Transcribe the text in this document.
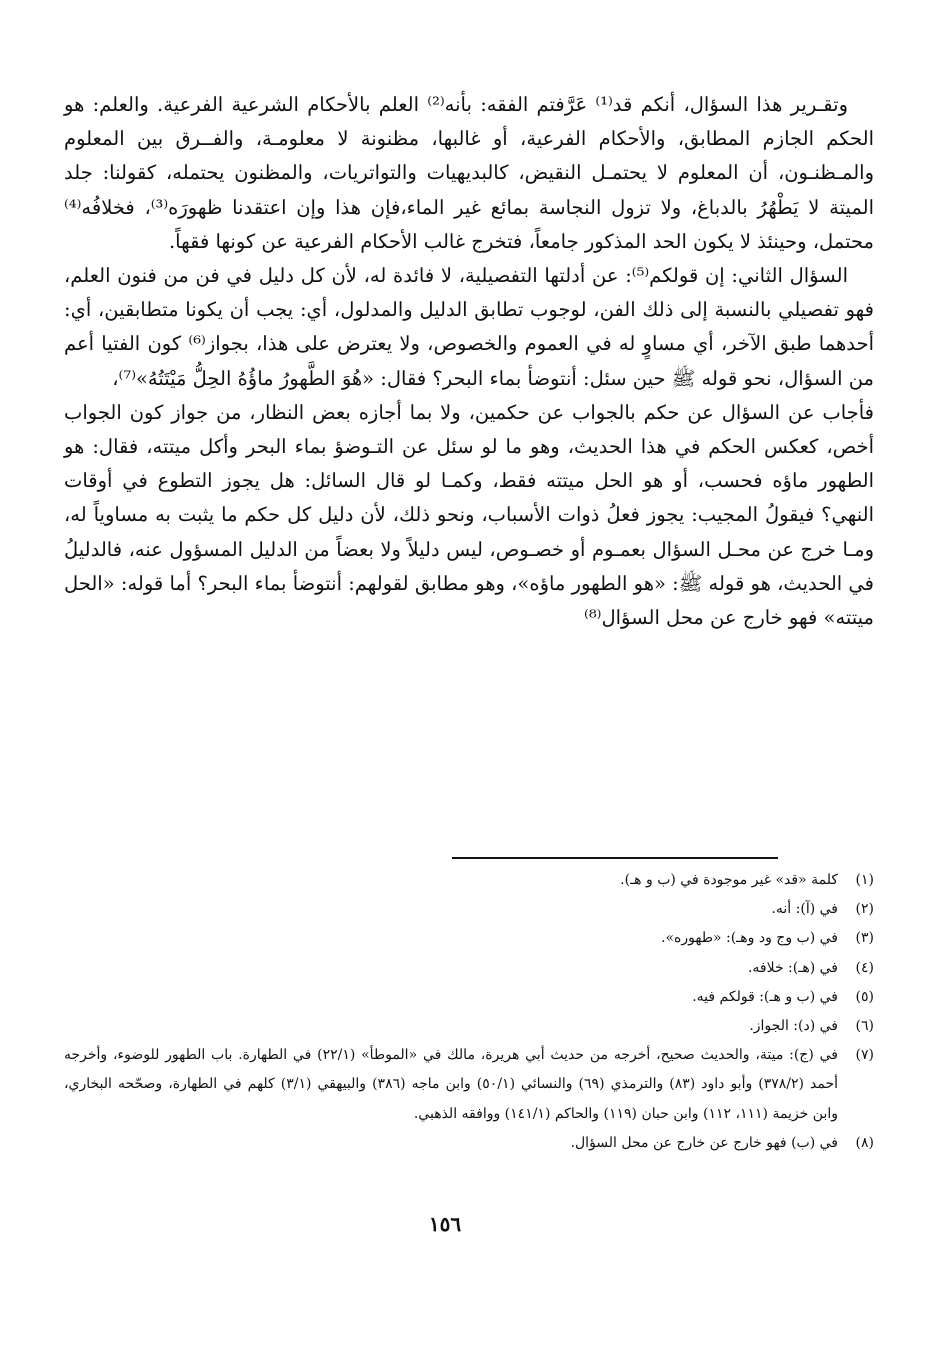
وتقـرير هذا السؤال، أنكم قد⁽¹⁾ عَرَّفتم الفقه: بأنه⁽²⁾ العلم بالأحكام الشرعية الفرعية. والعلم: هو الحكم الجازم المطابق، والأحكام الفرعية، أو غالبها، مظنونة لا معلومـة، والفــرق بين المعلوم والمـظنـون، أن المعلوم لا يحتمـل النقيض، كالبديهيات والتواتريات، والمظنون يحتمله، كقولنا: جلد الميتة لا يَطْهُرُ بالدباغ، ولا تزول النجاسة بمائع غير الماء،فإن هذا وإن اعتقدنا ظهورَه⁽³⁾، فخلافُه⁽⁴⁾ محتمل، وحينئذ لا يكون الحد المذكور جامعاً، فتخرج غالب الأحكام الفرعية عن كونها فقهاً.

السؤال الثاني: إن قولكم⁽⁵⁾: عن أدلتها التفصيلية، لا فائدة له، لأن كل دليل في فن من فنون العلم، فهو تفصيلي بالنسبة إلى ذلك الفن، لوجوب تطابق الدليل والمدلول، أي: يجب أن يكونا متطابقين، أي: أحدهما طبق الآخر، أي مساوٍ له في العموم والخصوص، ولا يعترض على هذا، بجواز⁽⁶⁾ كون الفتيا أعم من السؤال، نحو قوله ﷺ حين سئل: أنتوضأ بماء البحر؟ فقال: «هُوَ الطَّهورُ ماؤُهُ الحِلُّ مَيْتَتُهُ»⁽⁷⁾،

فأجاب عن السؤال عن حكم بالجواب عن حكمين، ولا بما أجازه بعض النظار، من جواز كون الجواب أخص، كعكس الحكم في هذا الحديث، وهو ما لو سئل عن التـوضؤ بماء البحر وأكل ميتته، فقال: هو الطهور ماؤه فحسب، أو هو الحل ميتته فقط، وكمـا لو قال السائل: هل يجوز التطوع في أوقات النهي؟ فيقولُ المجيب: يجوز فعلُ ذوات الأسباب، ونحو ذلك، لأن دليل كل حكم ما يثبت به مساوياً له، ومـا خرج عن محـل السؤال بعمـوم أو خصـوص، ليس دليلاً ولا بعضاً من الدليل المسؤول عنه، فالدليلُ في الحديث، هو قوله ﷺ: «هو الطهور ماؤه»، وهو مطابق لقولهم: أنتوضأ بماء البحر؟ أما قوله: «الحل ميتته» فهو خارج عن محل السؤال⁽⁸⁾

(١)
كلمة «قد» غير موجودة في (ب و هـ).
(٢)
في (آ): أنه.
(٣)
في (ب وج ود وهـ): «طهوره».
(٤)
في (هـ): خلافه.
(٥)
في (ب و هـ): قولكم فيه.
(٦)
في (د): الجواز.
(٧)
في (ج): ميتة، والحديث صحيح، أخرجه من حديث أبي هريرة، مالك في «الموطأ» (٢٢/١) في الطهارة. باب الطهور للوضوء، وأخرجه أحمد (٣٧٨/٢) وأبو داود (٨٣) والترمذي (٦٩) والنسائي (٥٠/١) وابن ماجه (٣٨٦) والبيهقي (٣/١) كلهم في الطهارة، وصحّحه البخاري، وابن خزيمة (١١١، ١١٢) وابن حبان (١١٩) والحاكم (١٤١/١) ووافقه الذهبي.
(٨)
في (ب) فهو خارج عن خارج عن محل السؤال.
١٥٦
